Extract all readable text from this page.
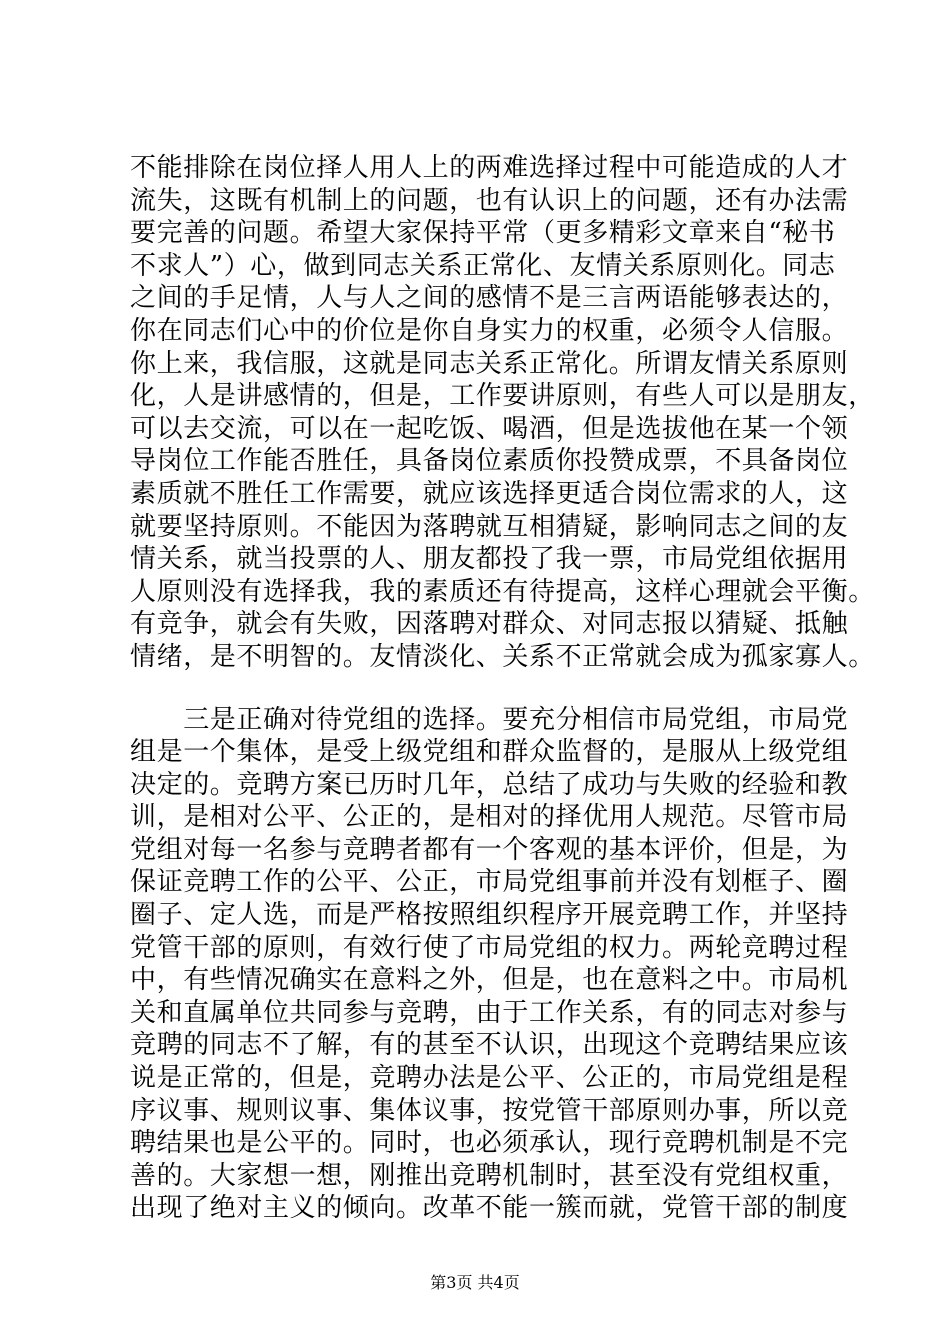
不能排除在岗位择人用人上的两难选择过程中可能造成的人才
流失，这既有机制上的问题，也有认识上的问题，还有办法需
要完善的问题。希望大家保持平常（更多精彩文章来自“秘书
不求人”）心，做到同志关系正常化、友情关系原则化。同志
之间的手足情，人与人之间的感情不是三言两语能够表达的，
你在同志们心中的价位是你自身实力的权重，必须令人信服。
你上来，我信服，这就是同志关系正常化。所谓友情关系原则
化，人是讲感情的，但是，工作要讲原则，有些人可以是朋友，
可以去交流，可以在一起吃饭、喝酒，但是选拔他在某一个领
导岗位工作能否胜任，具备岗位素质你投赞成票，不具备岗位
素质就不胜任工作需要，就应该选择更适合岗位需求的人，这
就要坚持原则。不能因为落聘就互相猜疑，影响同志之间的友
情关系，就当投票的人、朋友都投了我一票，市局党组依据用
人原则没有选择我，我的素质还有待提高，这样心理就会平衡。
有竞争，就会有失败，因落聘对群众、对同志报以猜疑、抵触
情绪，是不明智的。友情淡化、关系不正常就会成为孤家寡人。
　　三是正确对待党组的选择。要充分相信市局党组，市局党
组是一个集体，是受上级党组和群众监督的，是服从上级党组
决定的。竞聘方案已历时几年，总结了成功与失败的经验和教
训，是相对公平、公正的，是相对的择优用人规范。尽管市局
党组对每一名参与竞聘者都有一个客观的基本评价，但是，为
保证竞聘工作的公平、公正，市局党组事前并没有划框子、圈
圈子、定人选，而是严格按照组织程序开展竞聘工作，并坚持
党管干部的原则，有效行使了市局党组的权力。两轮竞聘过程
中，有些情况确实在意料之外，但是，也在意料之中。市局机
关和直属单位共同参与竞聘，由于工作关系，有的同志对参与
竞聘的同志不了解，有的甚至不认识，出现这个竞聘结果应该
说是正常的，但是，竞聘办法是公平、公正的，市局党组是程
序议事、规则议事、集体议事，按党管干部原则办事，所以竞
聘结果也是公平的。同时，也必须承认，现行竞聘机制是不完
善的。大家想一想，刚推出竞聘机制时，甚至没有党组权重，
出现了绝对主义的倾向。改革不能一簇而就，党管干部的制度
第3页 共4页
